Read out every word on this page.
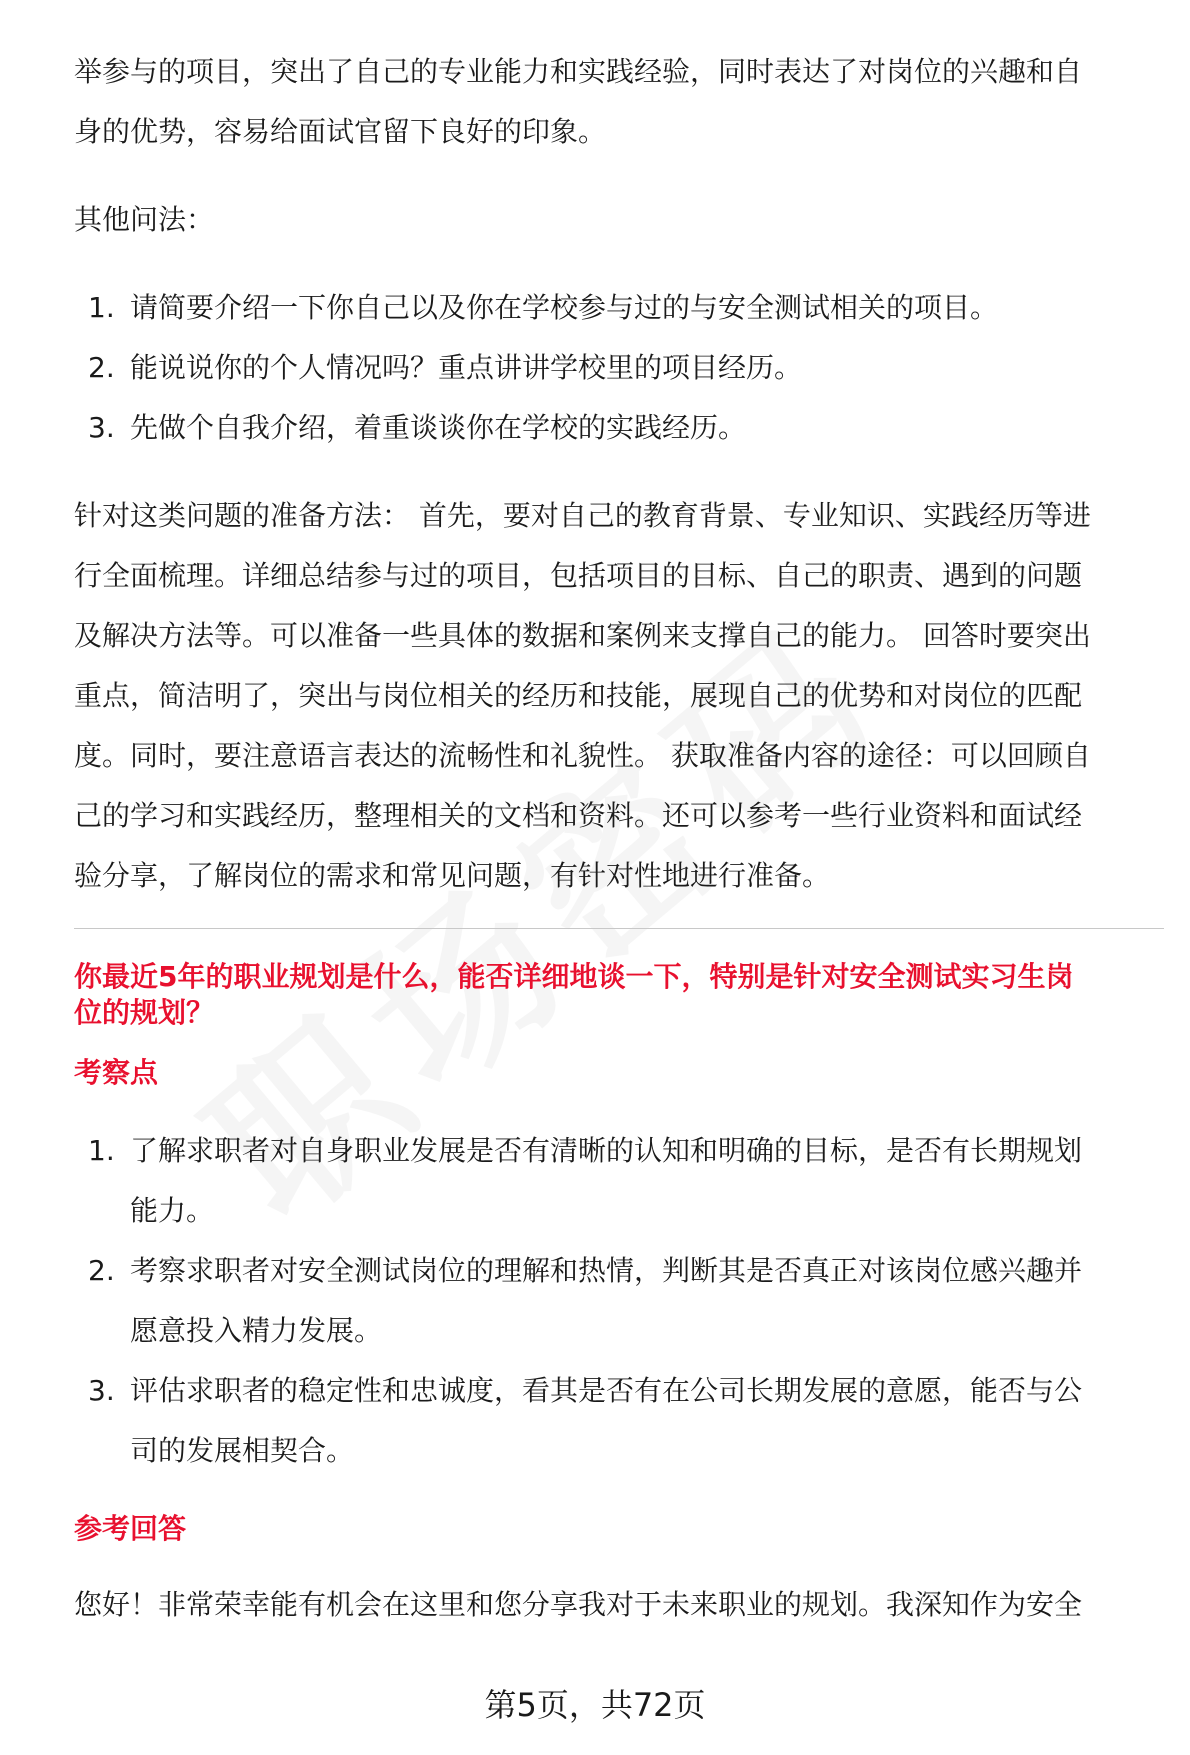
举参与的项目，突出了自己的专业能力和实践经验，同时表达了对岗位的兴趣和自
身的优势，容易给面试官留下良好的印象。

其他问法：

1. 请简要介绍一下你自己以及你在学校参与过的与安全测试相关的项目。
2. 能说说你的个人情况吗？重点讲讲学校里的项目经历。
3. 先做个自我介绍，着重谈谈你在学校的实践经历。

针对这类问题的准备方法： 首先，要对自己的教育背景、专业知识、实践经历等进
行全面梳理。详细总结参与过的项目，包括项目的目标、自己的职责、遇到的问题
及解决方法等。可以准备一些具体的数据和案例来支撑自己的能力。 回答时要突出
重点，简洁明了，突出与岗位相关的经历和技能，展现自己的优势和对岗位的匹配
度。同时，要注意语言表达的流畅性和礼貌性。 获取准备内容的途径：可以回顾自
己的学习和实践经历，整理相关的文档和资料。还可以参考一些行业资料和面试经
验分享，了解岗位的需求和常见问题，有针对性地进行准备。

你最近5年的职业规划是什么，能否详细地谈一下，特别是针对安全测试实习生岗
位的规划？

考察点

1. 了解求职者对自身职业发展是否有清晰的认知和明确的目标，是否有长期规划
能力。
2. 考察求职者对安全测试岗位的理解和热情，判断其是否真正对该岗位感兴趣并
愿意投入精力发展。
3. 评估求职者的稳定性和忠诚度，看其是否有在公司长期发展的意愿，能否与公
司的发展相契合。

参考回答

您好！非常荣幸能有机会在这里和您分享我对于未来职业的规划。我深知作为安全

第5页，共72页
